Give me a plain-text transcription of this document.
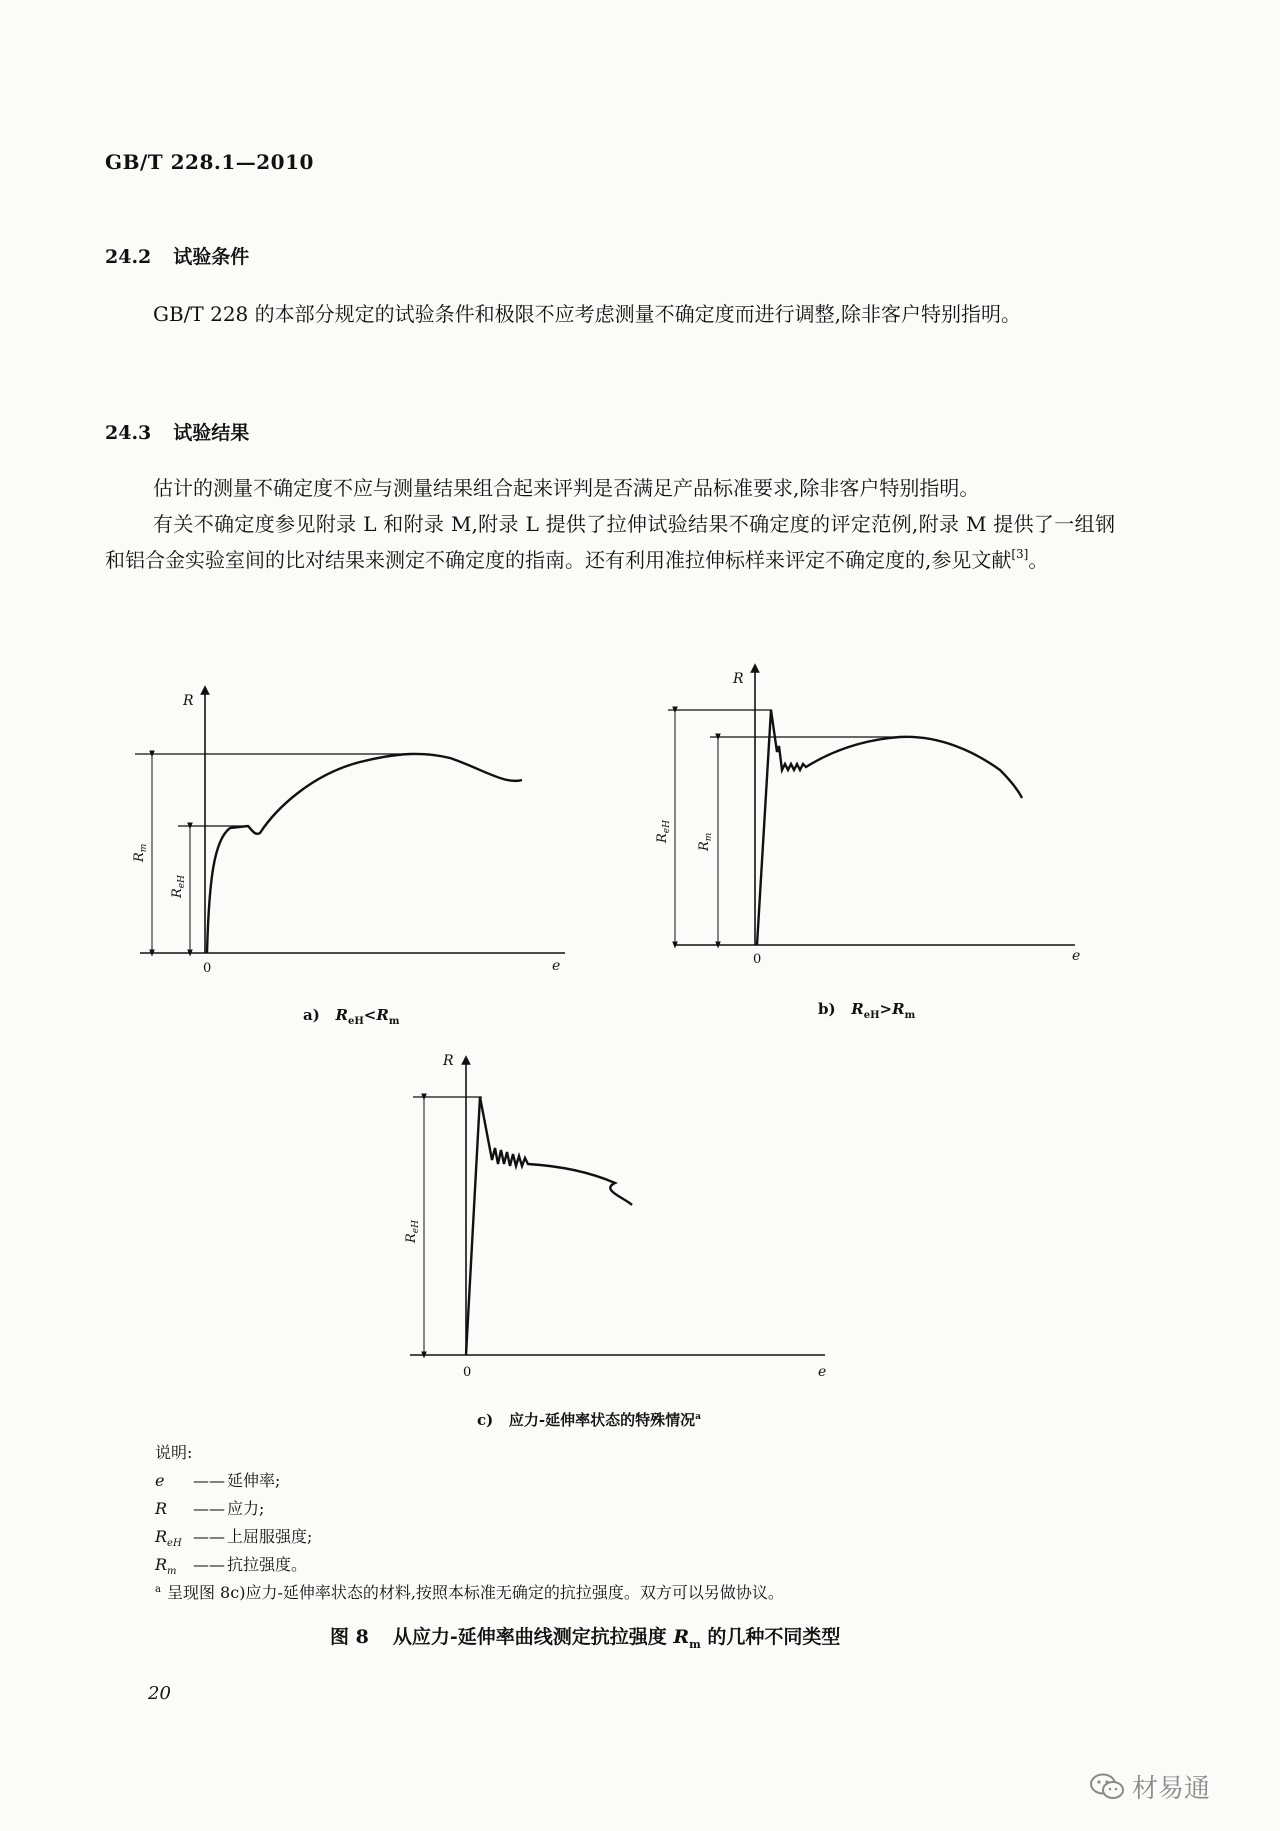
GB/T 228.1—2010
24.2 试验条件
GB/T 228 的本部分规定的试验条件和极限不应考虑测量不确定度而进行调整,除非客户特别指明。
24.3 试验结果
估计的测量不确定度不应与测量结果组合起来评判是否满足产品标准要求,除非客户特别指明。
有关不确定度参见附录 L 和附录 M,附录 L 提供了拉伸试验结果不确定度的评定范例,附录 M 提供了一组钢和铝合金实验室间的比对结果来测定不确定度的指南。还有利用准拉伸标样来评定不确定度的,参见文献[3]。
R
e
0
$R_m$
$R_{eH}$
R
e
0
$R_{eH}$
$R_m$
R
e
0
$R_{eH}$
a) $R_{eH}<R_m$
b) $R_{eH}>R_m$
c) 应力-延伸率状态的特殊情况$^a$
说明:
e —— 延伸率;
R —— 应力;
$R_{eH}$ —— 上屈服强度;
$R_m$ —— 抗拉强度。
$^a$ 呈现图 8c)应力-延伸率状态的材料,按照本标准无确定的抗拉强度。双方可以另做协议。
图 8 从应力-延伸率曲线测定抗拉强度 $R_m$ 的几种不同类型
20
材易通
